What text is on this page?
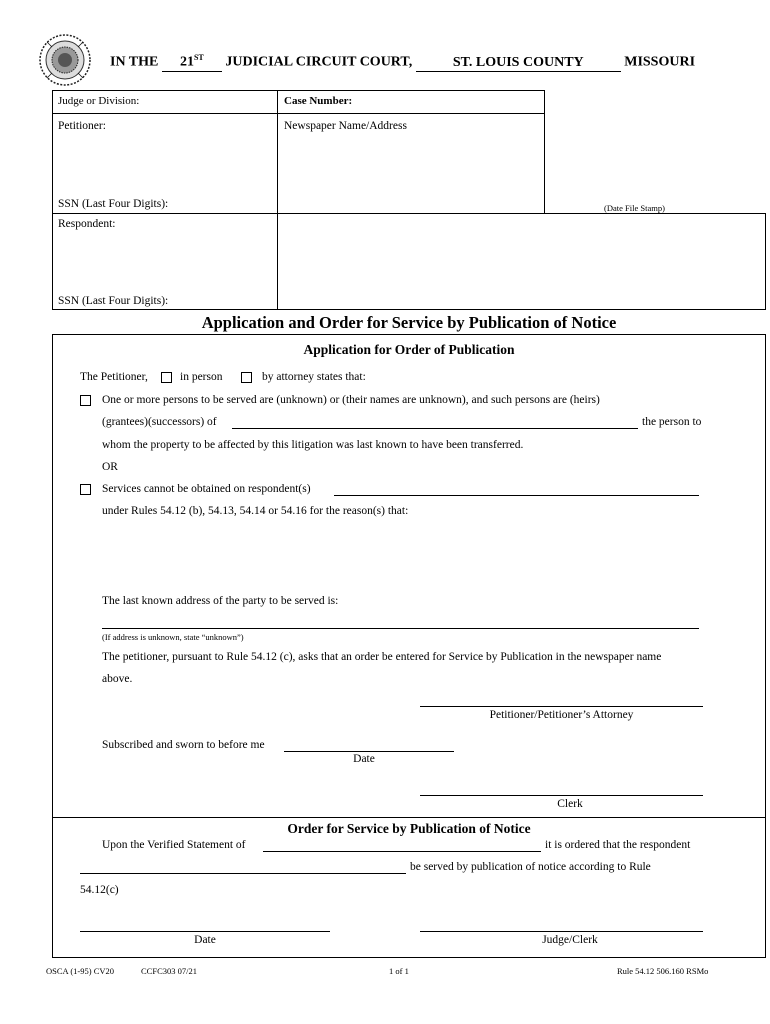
IN THE 21ST JUDICIAL CIRCUIT COURT,	ST. LOUIS COUNTY	MISSOURI
Judge or Division:	Case Number:
Petitioner:	Newspaper Name/Address
SSN (Last Four Digits):	(Date File Stamp)
Respondent:
SSN (Last Four Digits):
Application and Order for Service by Publication of Notice
Application for Order of Publication
The Petitioner,	in person	by attorney states that:
One or more persons to be served are (unknown) or (their names are unknown), and such persons are (heirs)
(grantees)(successors) of	the person to
whom the property to be affected by this litigation was last known to have been transferred.
OR
Services cannot be obtained on respondent(s)
under Rules 54.12 (b), 54.13, 54.14 or 54.16 for the reason(s) that:
The last known address of the party to be served is:
(If address is unknown, state “unknown”)
The petitioner, pursuant to Rule 54.12 (c), asks that an order be entered for Service by Publication in the newspaper name
above.
Petitioner/Petitioner’s Attorney
Subscribed and sworn to before me
Date
Clerk
Order for Service by Publication of Notice
Upon the Verified Statement of	it is ordered that the respondent
be served by publication of notice according to Rule
54.12(c)
Date	Judge/Clerk
OSCA (1-95) CV20	CCFC303 07/21	1 of 1	Rule 54.12 506.160 RSMo
